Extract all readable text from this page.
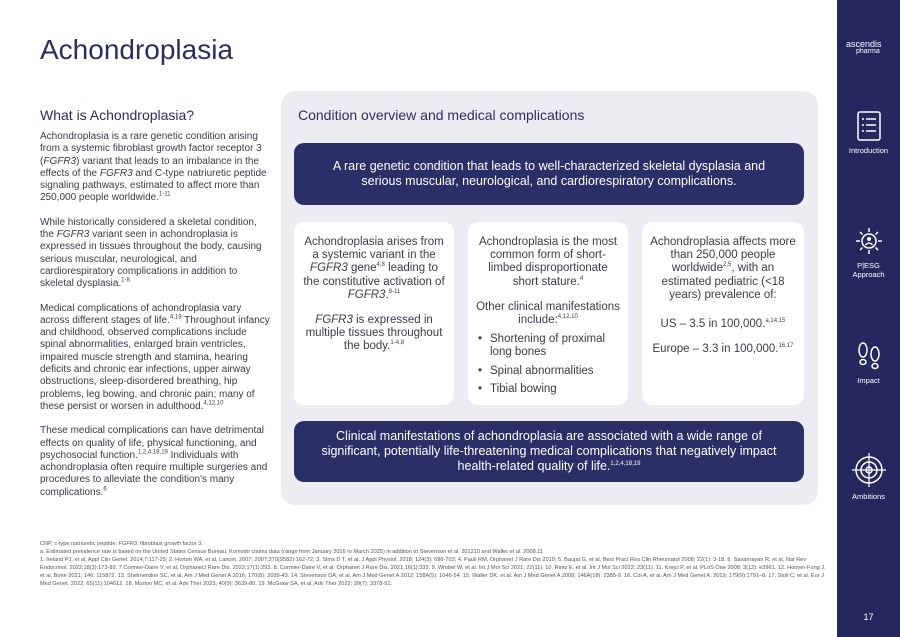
Achondroplasia	ascendis
pharma
Introduction
P|ESG
Approach
Impact
Ambitions
17
What is Achondroplasia?

Achondroplasia is a rare genetic condition arising from a systemic fibroblast growth factor receptor 3 (FGFR3) variant that leads to an imbalance in the effects of the FGFR3 and C-type natriuretic peptide signaling pathways, estimated to affect more than 250,000 people worldwide.$^{1-11}$

While historically considered a skeletal condition, the FGFR3 variant seen in achondroplasia is expressed in tissues throughout the body, causing serious muscular, neurological, and cardiorespiratory complications in addition to skeletal dysplasia.$^{1-8}$

Medical complications of achondroplasia vary across different stages of life.$^{4,19}$ Throughout infancy and childhood, observed complications include spinal abnormalities, enlarged brain ventricles, impaired muscle strength and stamina, hearing deficits and chronic ear infections, upper airway obstructions, sleep-disordered breathing, hip problems, leg bowing, and chronic pain; many of these persist or worsen in adulthood.$^{4,12,10}$

These medical complications can have detrimental effects on quality of life, physical functioning, and psychosocial function.$^{1,2,4,18,19}$ Individuals with achondroplasia often require multiple surgeries and procedures to alleviate the condition's many complications.$^6$

Condition overview and medical complications
A rare genetic condition that leads to well-characterized skeletal dysplasia and serious muscular, neurological, and cardiorespiratory complications.

Achondroplasia arises from a systemic variant in the FGFR3 gene$^{4,8}$ leading to the constitutive activation of FGFR3.$^{9-11}$

FGFR3 is expressed in multiple tissues throughout the body.$^{1-4,8}$

Achondroplasia is the most common form of short-limbed disproportionate short stature.$^4$

Other clinical manifestations include:$^{4,12,10}$

• Shortening of proximal long bones
• Spinal abnormalities
• Tibial bowing

Achondroplasia affects more than 250,000 people worldwide$^{2,5}$, with an estimated pediatric (<18 years) prevalence of:

US – 3.5 in 100,000.$^{a,14,15}$

Europe – 3.3 in 100,000.$^{16,17}$

Clinical manifestations of achondroplasia are associated with a wide range of significant, potentially life-threatening medical complications that negatively impact health-related quality of life.$^{1,2,4,18,19}$
CNP, c-type natriuretic peptide; FGFR3, fibroblast growth factor 3.
a. Estimated prevalence rate is based on the United States Census Bureau; Komodo claims data (range from January 2016 to March 2025) in addition to Stevenson et al. 201210 and Waller et al. 2008.11
1. Ireland PJ, et al, Appl Clin Genet. 2014;7:117-25; 2. Horton WA, et al, Lancet. 2007; 2007;370(9582):162-72; 3. Sims D T, et al, J Appl Physiol. 2018; 124(3): 696-703; 4. Pauli RM, Orphanet J Rare Dis 2019; 5. Baujat G, et al, Best Pract Res Clin Rheumatol 2008; 22(1): 3-18. 6. Savarirayan R, et al, Nat Rev Endocrinol. 2022;18(3):173-89. 7.Cormier-Daire V, et al, OrphanetJ Rare Dis. 2022;17(1):293. 8. Cormier-Daire V, et al, Orphanet J Rare Dis. 2021;16(1):333. 9. Wrobel W, et al. Int J Mol Sci 2021; 22(11). 10. Rintz E, et al. Int J Mol Sci 2022; 23(11). 11. Krejci P, et al. PLoS One 2008; 3(12): e3961. 12. Hoover-Fong J, et al, Bone 2021; 146: 115872. 13. Shelmerdine SC, et al, Am J Med Genet A 2016; 170(8): 2039-43. 14. Stevenson DA, et al. Am J Med Genet A 2012; 158A(5): 1046-54. 15. Waller DK, et al. Am J Med Genet A 2008; 146A(18): 2385-9. 16. Coi A, et al. Am J Med Genet A. 2019; 179(9):1791–8. 17. Stoll C, et al. Eur J Med Genet. 2022; 65(11):104612. 18. Murton MC, et al. Adv Ther 2023; 40(9): 3639-80. 19. McGraw SA, et al, Adv Ther 2022; 39(7): 3378-91.
